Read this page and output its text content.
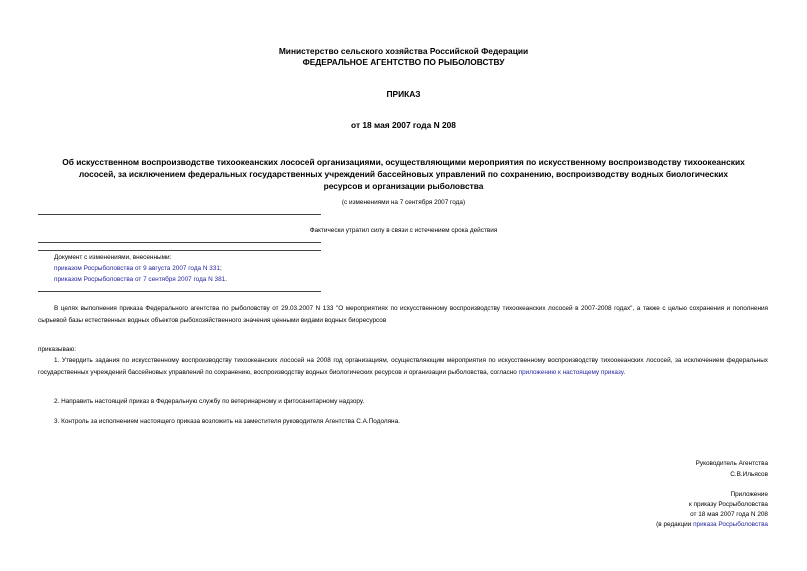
Министерство сельского хозяйства Российской Федерации
ФЕДЕРАЛЬНОЕ АГЕНТСТВО ПО РЫБОЛОВСТВУ
ПРИКАЗ
от 18 мая 2007 года N 208
Об искусственном воспроизводстве тихоокеанских лососей организациями, осуществляющими мероприятия по искусственному воспроизводству тихоокеанских лососей, за исключением федеральных государственных учреждений бассейновых управлений по сохранению, воспроизводству водных биологических ресурсов и организации рыболовства
(с изменениями на 7 сентября 2007 года)
Фактически утратил силу в связи с истечением срока действия
Документ с изменениями, внесенными:
приказом Росрыболовства от 9 августа 2007 года N 331;
приказом Росрыболовства от 7 сентября 2007 года N 381.
В целях выполнения приказа Федерального агентства по рыболовству от 29.03.2007 N 133 "О мероприятиях по искусственному воспроизводству тихоокеанских лососей в 2007-2008 годах", а также с целью сохранения и пополнения сырьевой базы естественных водных объектов рыбохозяйственного значения ценными видами водных биоресурсов
приказываю:
1. Утвердить задания по искусственному воспроизводству тихоокеанских лососей на 2008 год организациям, осуществляющим мероприятия по искусственному воспроизводству тихоокеанских лососей, за исключением федеральных государственных учреждений бассейновых управлений по сохранению, воспроизводству водных биологических ресурсов и организации рыболовства, согласно приложению к настоящему приказу.
2. Направить настоящий приказ в Федеральную службу по ветеринарному и фитосанитарному надзору.
3. Контроль за исполнением настоящего приказа возложить на заместителя руководителя Агентства С.А.Подоляна.
Руководитель Агентства
С.В.Ильясов
Приложение
к приказу Росрыболовства
от 18 мая 2007 года N 208
(в редакции приказа Росрыболовства
